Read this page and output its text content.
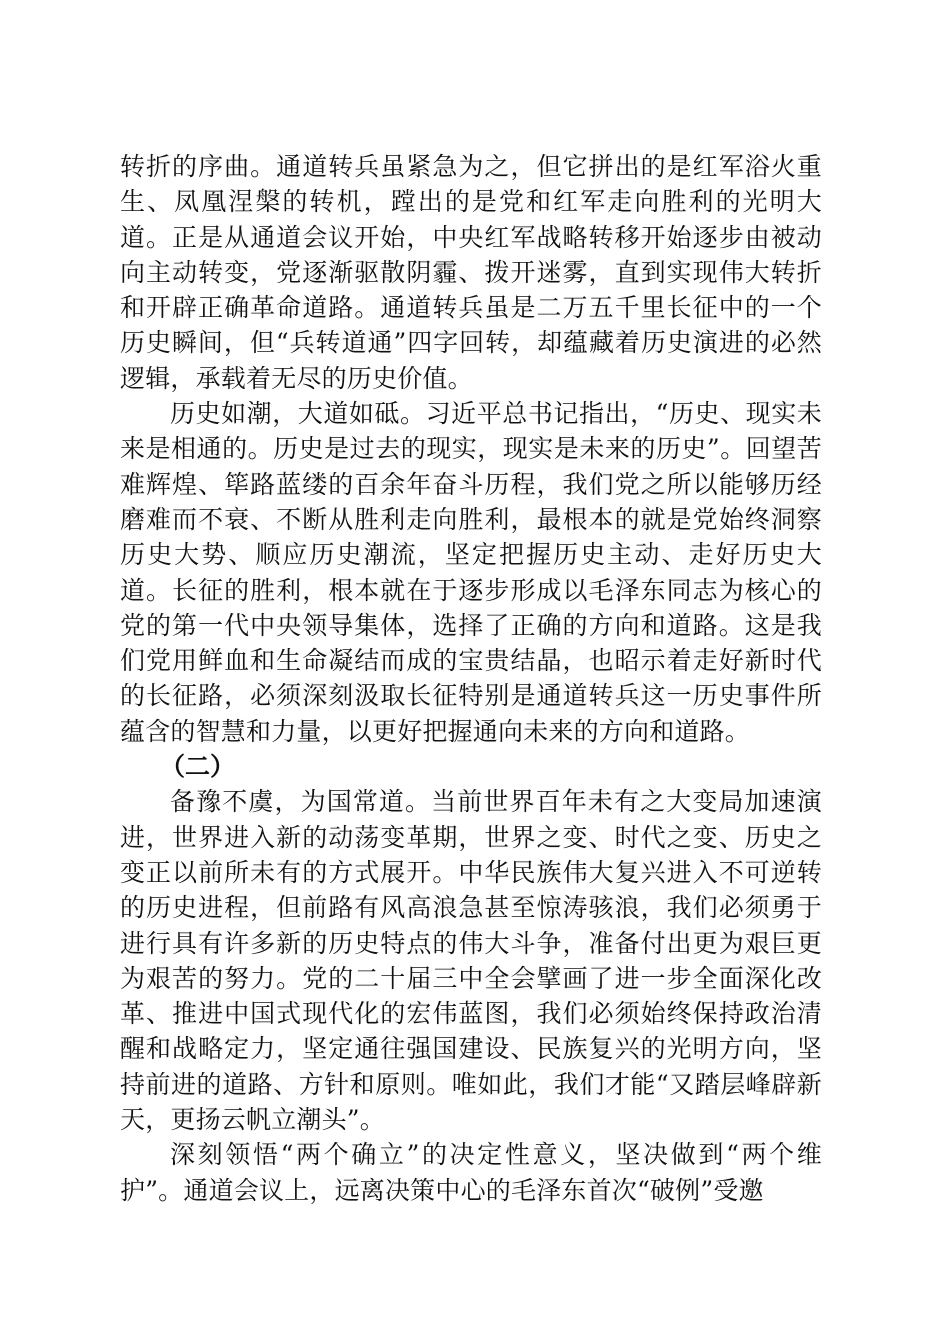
转折的序曲。通道转兵虽紧急为之，但它拼出的是红军浴火重生、凤凰涅槃的转机，蹚出的是党和红军走向胜利的光明大道。正是从通道会议开始，中央红军战略转移开始逐步由被动向主动转变，党逐渐驱散阴霾、拨开迷雾，直到实现伟大转折和开辟正确革命道路。通道转兵虽是二万五千里长征中的一个历史瞬间，但“兵转道通”四字回转，却蕴藏着历史演进的必然逻辑，承载着无尽的历史价值。

历史如潮，大道如砥。习近平总书记指出，“历史、现实未来是相通的。历史是过去的现实，现实是未来的历史”。回望苦难辉煌、筚路蓝缕的百余年奋斗历程，我们党之所以能够历经磨难而不衰、不断从胜利走向胜利，最根本的就是党始终洞察历史大势、顺应历史潮流，坚定把握历史主动、走好历史大道。长征的胜利，根本就在于逐步形成以毛泽东同志为核心的党的第一代中央领导集体，选择了正确的方向和道路。这是我们党用鲜血和生命凝结而成的宝贵结晶，也昭示着走好新时代的长征路，必须深刻汲取长征特别是通道转兵这一历史事件所蕴含的智慧和力量，以更好把握通向未来的方向和道路。

（二）

备豫不虞，为国常道。当前世界百年未有之大变局加速演进，世界进入新的动荡变革期，世界之变、时代之变、历史之变正以前所未有的方式展开。中华民族伟大复兴进入不可逆转的历史进程，但前路有风高浪急甚至惊涛骇浪，我们必须勇于进行具有许多新的历史特点的伟大斗争，准备付出更为艰巨更为艰苦的努力。党的二十届三中全会擘画了进一步全面深化改革、推进中国式现代化的宏伟蓝图，我们必须始终保持政治清醒和战略定力，坚定通往强国建设、民族复兴的光明方向，坚持前进的道路、方针和原则。唯如此，我们才能“又踏层峰辟新天，更扬云帆立潮头”。

深刻领悟“两个确立”的决定性意义，坚决做到“两个维护”。通道会议上，远离决策中心的毛泽东首次“破例”受邀
